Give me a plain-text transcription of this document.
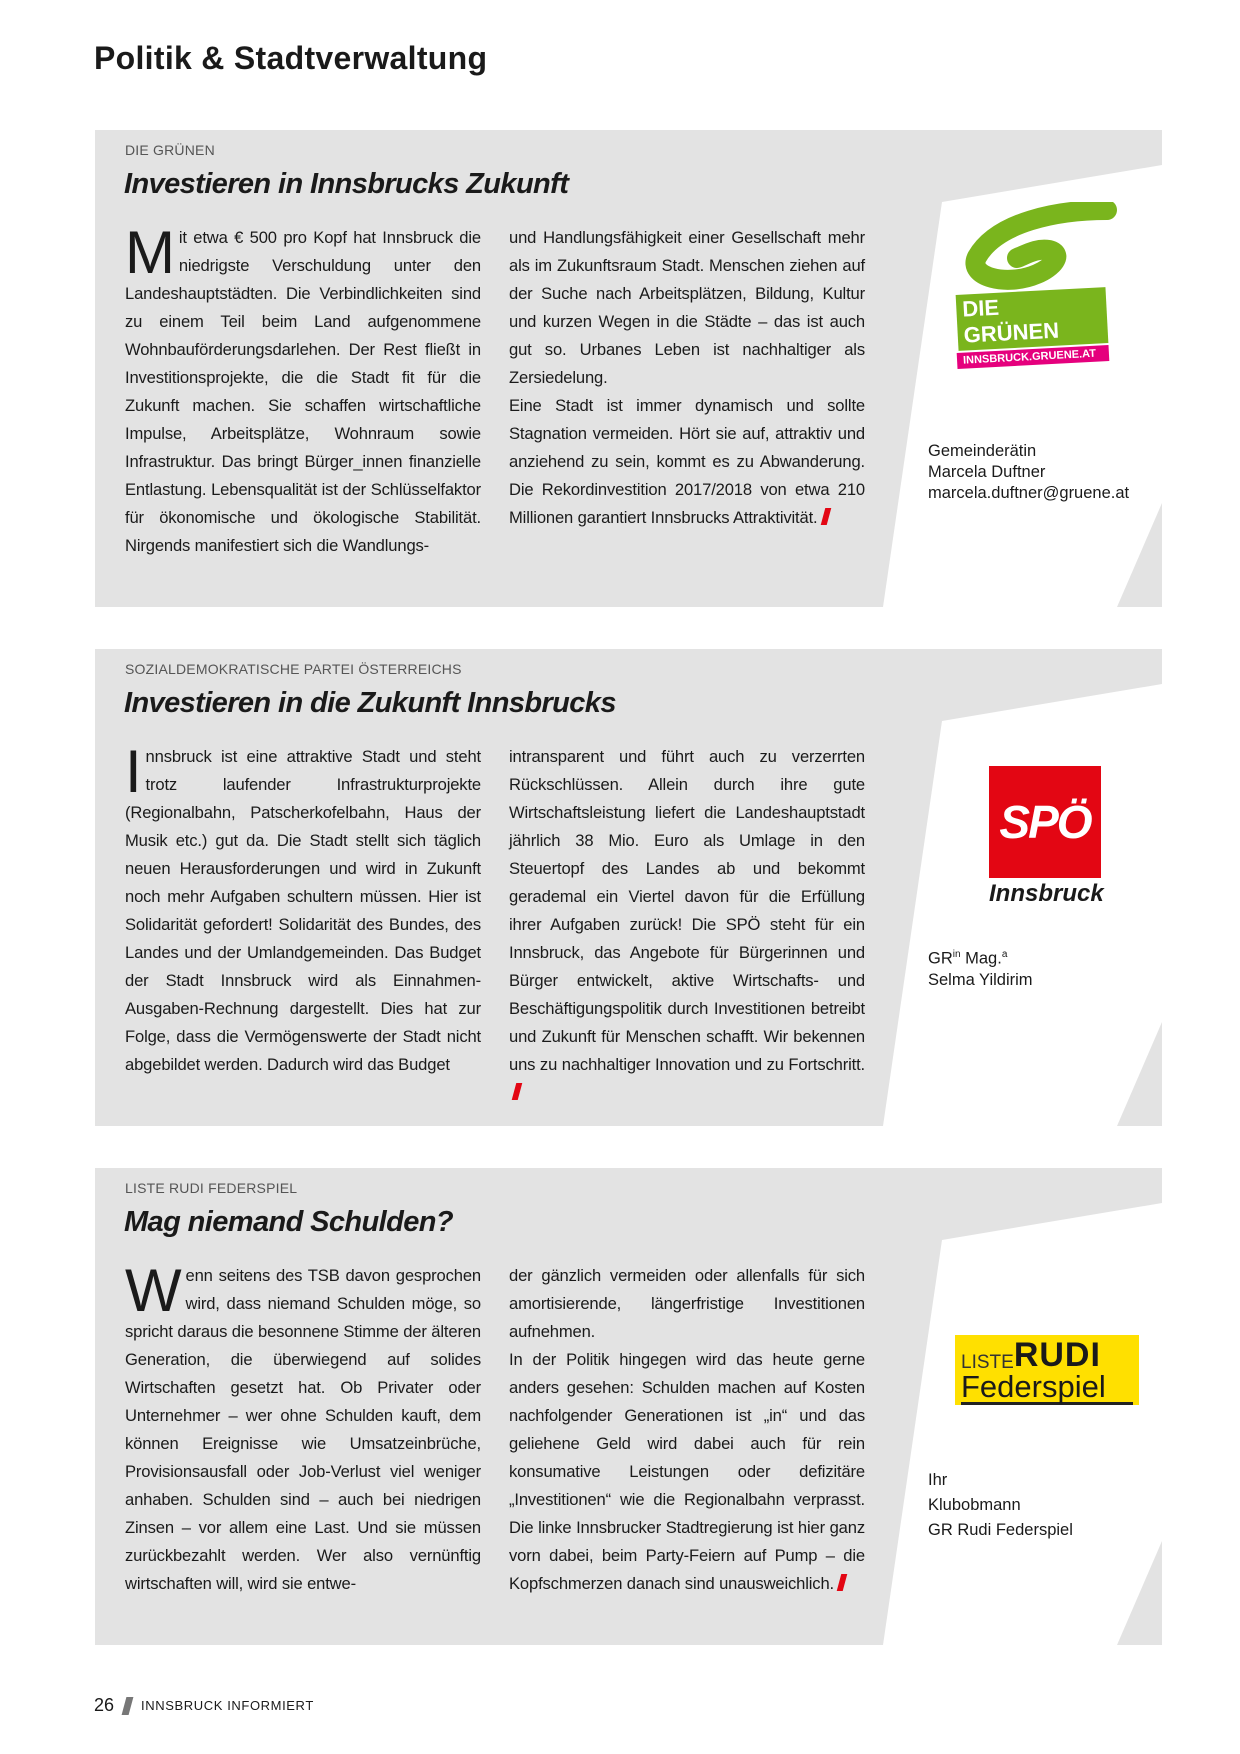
Politik & Stadtverwaltung
DIE GRÜNEN
Investieren in Innsbrucks Zukunft
Mit etwa € 500 pro Kopf hat Innsbruck die niedrigste Verschuldung unter den Landeshauptstädten. Die Verbindlichkeiten sind zu einem Teil beim Land aufgenommene Wohnbauförderungsdarlehen. Der Rest fließt in Investitionsprojekte, die die Stadt fit für die Zukunft machen. Sie schaffen wirtschaftliche Impulse, Arbeitsplätze, Wohnraum sowie Infrastruktur. Das bringt Bürger_innen finanzielle Entlastung. Lebensqualität ist der Schlüsselfaktor für ökonomische und ökologische Stabilität. Nirgends manifestiert sich die Wandlungs-

und Handlungsfähigkeit einer Gesellschaft mehr als im Zukunftsraum Stadt. Menschen ziehen auf der Suche nach Arbeitsplätzen, Bildung, Kultur und kurzen Wegen in die Städte – das ist auch gut so. Urbanes Leben ist nachhaltiger als Zersiedelung.

Eine Stadt ist immer dynamisch und sollte Stagnation vermeiden. Hört sie auf, attraktiv und anziehend zu sein, kommt es zu Abwanderung. Die Rekordinvestition 2017/2018 von etwa 210 Millionen garantiert Innsbrucks Attraktivität.

DIE GRÜNEN
INNSBRUCK.GRUENE.AT
Gemeinderätin
Marcela Duftner
marcela.duftner@gruene.at
SOZIALDEMOKRATISCHE PARTEI ÖSTERREICHS
Investieren in die Zukunft Innsbrucks
Innsbruck ist eine attraktive Stadt und steht trotz laufender Infrastrukturprojekte (Regionalbahn, Patscherkofelbahn, Haus der Musik etc.) gut da. Die Stadt stellt sich täglich neuen Herausforderungen und wird in Zukunft noch mehr Aufgaben schultern müssen. Hier ist Solidarität gefordert! Solidarität des Bundes, des Landes und der Umlandgemeinden. Das Budget der Stadt Innsbruck wird als Einnahmen-Ausgaben-Rechnung dargestellt. Dies hat zur Folge, dass die Vermögenswerte der Stadt nicht abgebildet werden. Dadurch wird das Budget

intransparent und führt auch zu verzerrten Rückschlüssen. Allein durch ihre gute Wirtschaftsleistung liefert die Landeshauptstadt jährlich 38 Mio. Euro als Umlage in den Steuertopf des Landes ab und bekommt gerademal ein Viertel davon für die Erfüllung ihrer Aufgaben zurück! Die SPÖ steht für ein Innsbruck, das Angebote für Bürgerinnen und Bürger entwickelt, aktive Wirtschafts- und Beschäftigungspolitik durch Investitionen betreibt und Zukunft für Menschen schafft. Wir bekennen uns zu nachhaltiger Innovation und zu Fortschritt.

SPÖ
Innsbruck
$GR^{in}$ Mag.$^a$
Selma Yildirim
LISTE RUDI FEDERSPIEL
Mag niemand Schulden?
Wenn seitens des TSB davon gesprochen wird, dass niemand Schulden möge, so spricht daraus die besonnene Stimme der älteren Generation, die überwiegend auf solides Wirtschaften gesetzt hat. Ob Privater oder Unternehmer – wer ohne Schulden kauft, dem können Ereignisse wie Umsatzeinbrüche, Provisionsausfall oder Job-Verlust viel weniger anhaben. Schulden sind – auch bei niedrigen Zinsen – vor allem eine Last. Und sie müssen zurückbezahlt werden. Wer also vernünftig wirtschaften will, wird sie entwe-

der gänzlich vermeiden oder allenfalls für sich amortisierende, längerfristige Investitionen aufnehmen.

In der Politik hingegen wird das heute gerne anders gesehen: Schulden machen auf Kosten nachfolgender Generationen ist „in“ und das geliehene Geld wird dabei auch für rein konsumative Leistungen oder defizitäre „Investitionen“ wie die Regionalbahn verprasst. Die linke Innsbrucker Stadtregierung ist hier ganz vorn dabei, beim Party-Feiern auf Pump – die Kopfschmerzen danach sind unausweichlich.

LISTE RUDI
Federspiel
Ihr
Klubobmann
GR Rudi Federspiel
26 INNSBRUCK INFORMIERT
